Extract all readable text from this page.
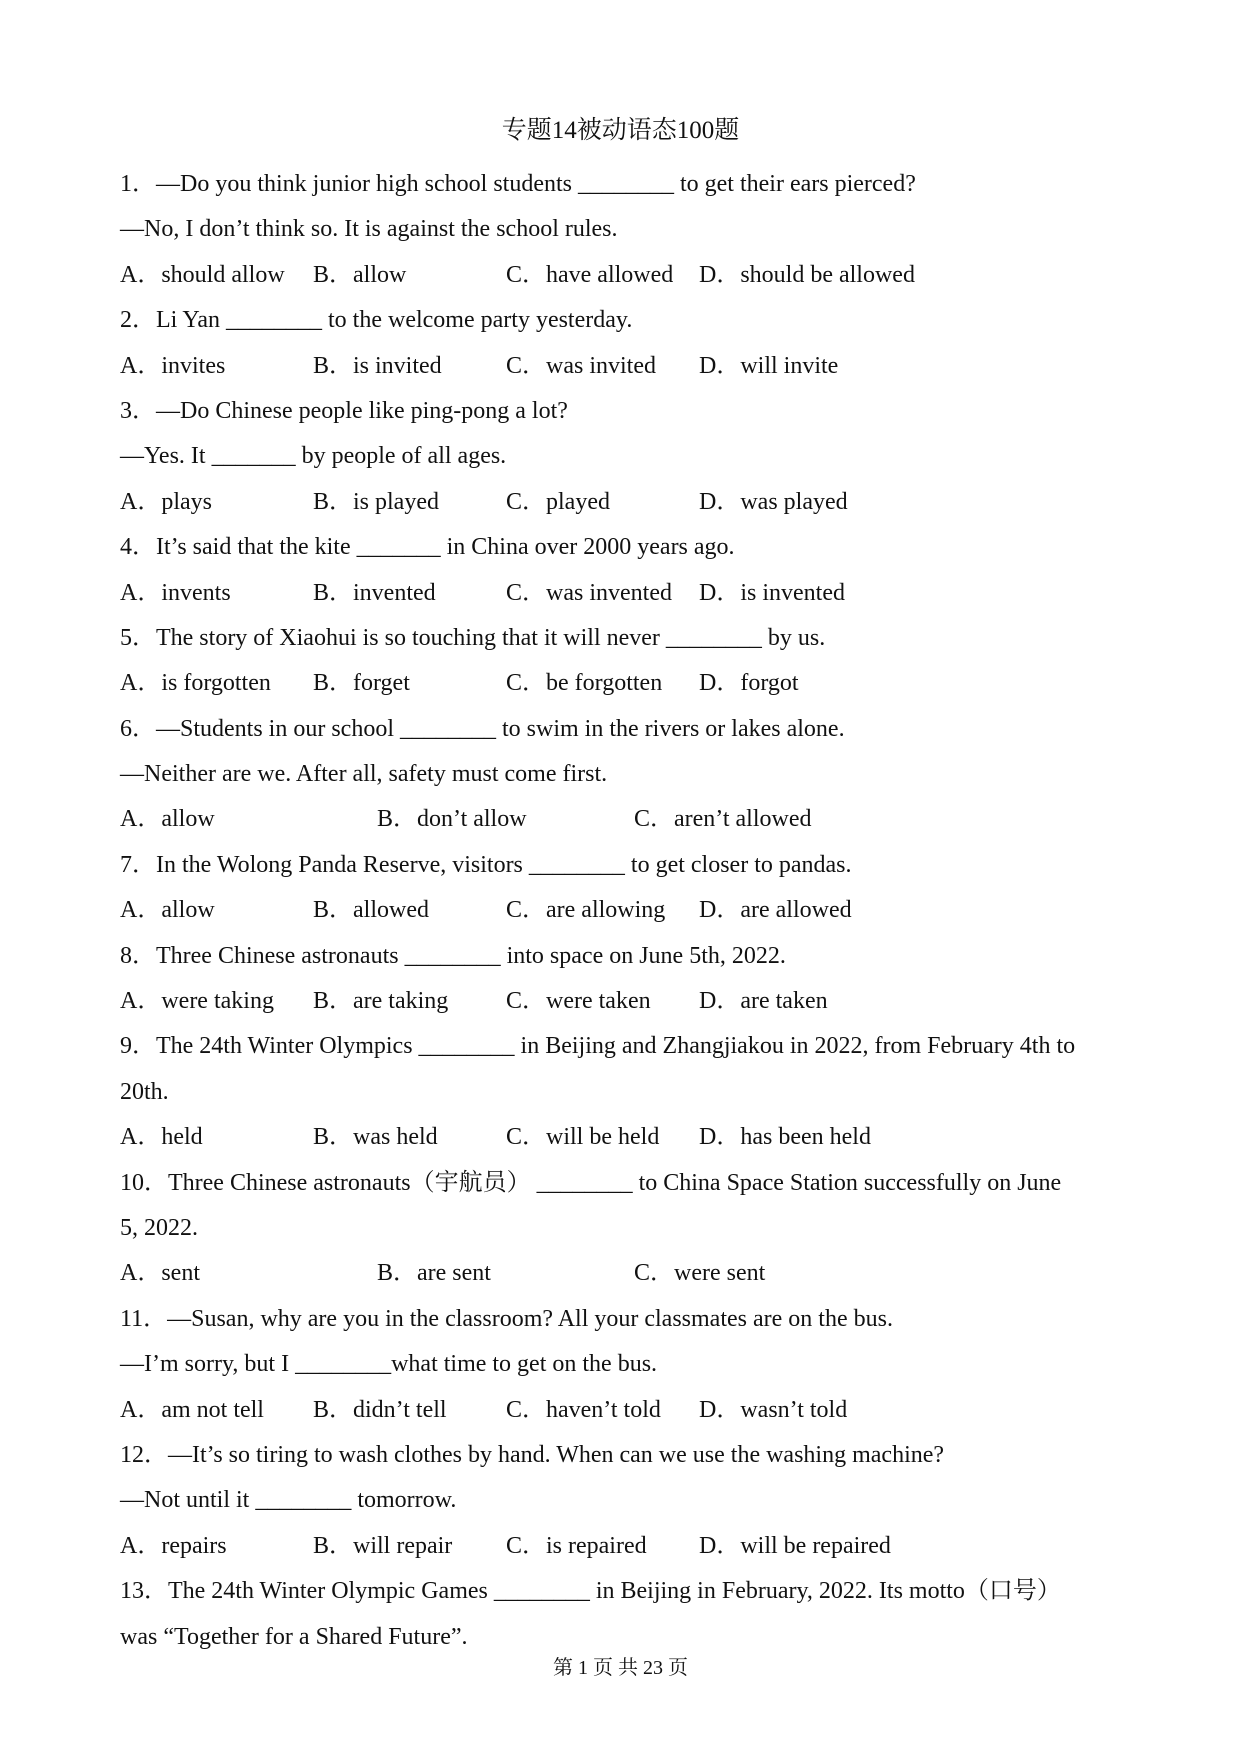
专题14被动语态100题
1．—Do you think junior high school students ________ to get their ears pierced?
—No, I don’t think so. It is against the school rules.
A．should allow B．allow	C．have allowed D．should be allowed
2．Li Yan ________ to the welcome party yesterday.
A．invites	B．is invited	C．was invited D．will invite
3．—Do Chinese people like ping-pong a lot?
—Yes. It _______ by people of all ages.
A．plays	B．is played	C．played	D．was played
4．It’s said that the kite _______ in China over 2000 years ago.
A．invents	B．invented	C．was invented D．is invented
5．The story of Xiaohui is so touching that it will never ________ by us.
A．is forgotten B．forget	C．be forgotten D．forgot
6．—Students in our school ________ to swim in the rivers or lakes alone.
—Neither are we. After all, safety must come first.
A．allow	B．don’t allow	C．aren’t allowed
7．In the Wolong Panda Reserve, visitors ________ to get closer to pandas.
A．allow	B．allowed	C．are allowing D．are allowed
8．Three Chinese astronauts ________ into space on June 5th, 2022.
A．were taking B．are taking C．were taken D．are taken
9．The 24th Winter Olympics ________ in Beijing and Zhangjiakou in 2022, from February 4th to
20th.
A．held	B．was held	C．will be held D．has been held
10．Three Chinese astronauts（宇航员） ________ to China Space Station successfully on June
5, 2022.
A．sent	B．are sent	C．were sent
11．—Susan, why are you in the classroom? All your classmates are on the bus.
—I’m sorry, but I ________what time to get on the bus.
A．am not tell B．didn’t tell C．haven’t told D．wasn’t told
12．—It’s so tiring to wash clothes by hand. When can we use the washing machine?
—Not until it ________ tomorrow.
A．repairs	B．will repair C．is repaired D．will be repaired
13．The 24th Winter Olympic Games ________ in Beijing in February, 2022. Its motto（口号）
was “Together for a Shared Future”.
第 1 页 共 23 页
